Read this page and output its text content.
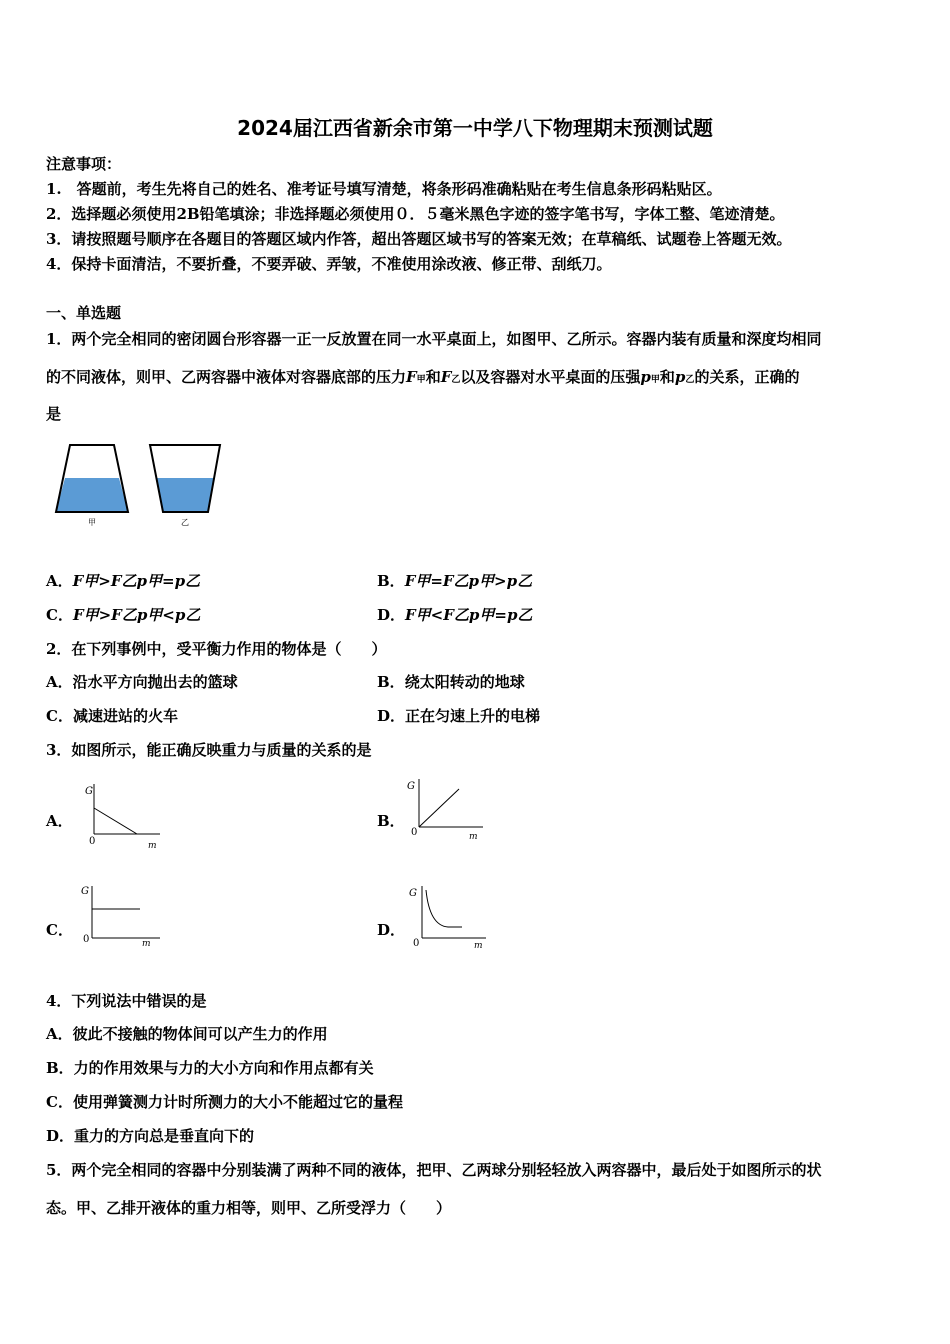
2024届江西省新余市第一中学八下物理期末预测试题
注意事项：
1.　答题前，考生先将自己的姓名、准考证号填写清楚，将条形码准确粘贴在考生信息条形码粘贴区。
2．选择题必须使用2B铅笔填涂；非选择题必须使用０．５毫米黑色字迹的签字笔书写，字体工整、笔迹清楚。
3．请按照题号顺序在各题目的答题区域内作答，超出答题区域书写的答案无效；在草稿纸、试题卷上答题无效。
4．保持卡面清洁，不要折叠，不要弄破、弄皱，不准使用涂改液、修正带、刮纸刀。
一、单选题
1．两个完全相同的密闭圆台形容器一正一反放置在同一水平桌面上，如图甲、乙所示。容器内装有质量和深度均相同
的不同液体，则甲、乙两容器中液体对容器底部的压力F甲和F乙以及容器对水平桌面的压强p甲和p乙的关系，正确的
是
甲	乙
A．F甲>F乙p甲=p乙	B．F甲=F乙p甲>p乙
C．F甲>F乙p甲<p乙	D．F甲<F乙p甲=p乙
2．在下列事例中，受平衡力作用的物体是（　　）
A．沿水平方向抛出去的篮球	B．绕太阳转动的地球
C．减速进站的火车	D．正在匀速上升的电梯
3．如图所示，能正确反映重力与质量的关系的是
A．
G
0	m
B．
G
0	m
C．
G
0	m
D．
G
0	m
4．下列说法中错误的是
A．彼此不接触的物体间可以产生力的作用
B．力的作用效果与力的大小方向和作用点都有关
C．使用弹簧测力计时所测力的大小不能超过它的量程
D．重力的方向总是垂直向下的
5．两个完全相同的容器中分别装满了两种不同的液体，把甲、乙两球分别轻轻放入两容器中，最后处于如图所示的状
态。甲、乙排开液体的重力相等，则甲、乙所受浮力（　　）
